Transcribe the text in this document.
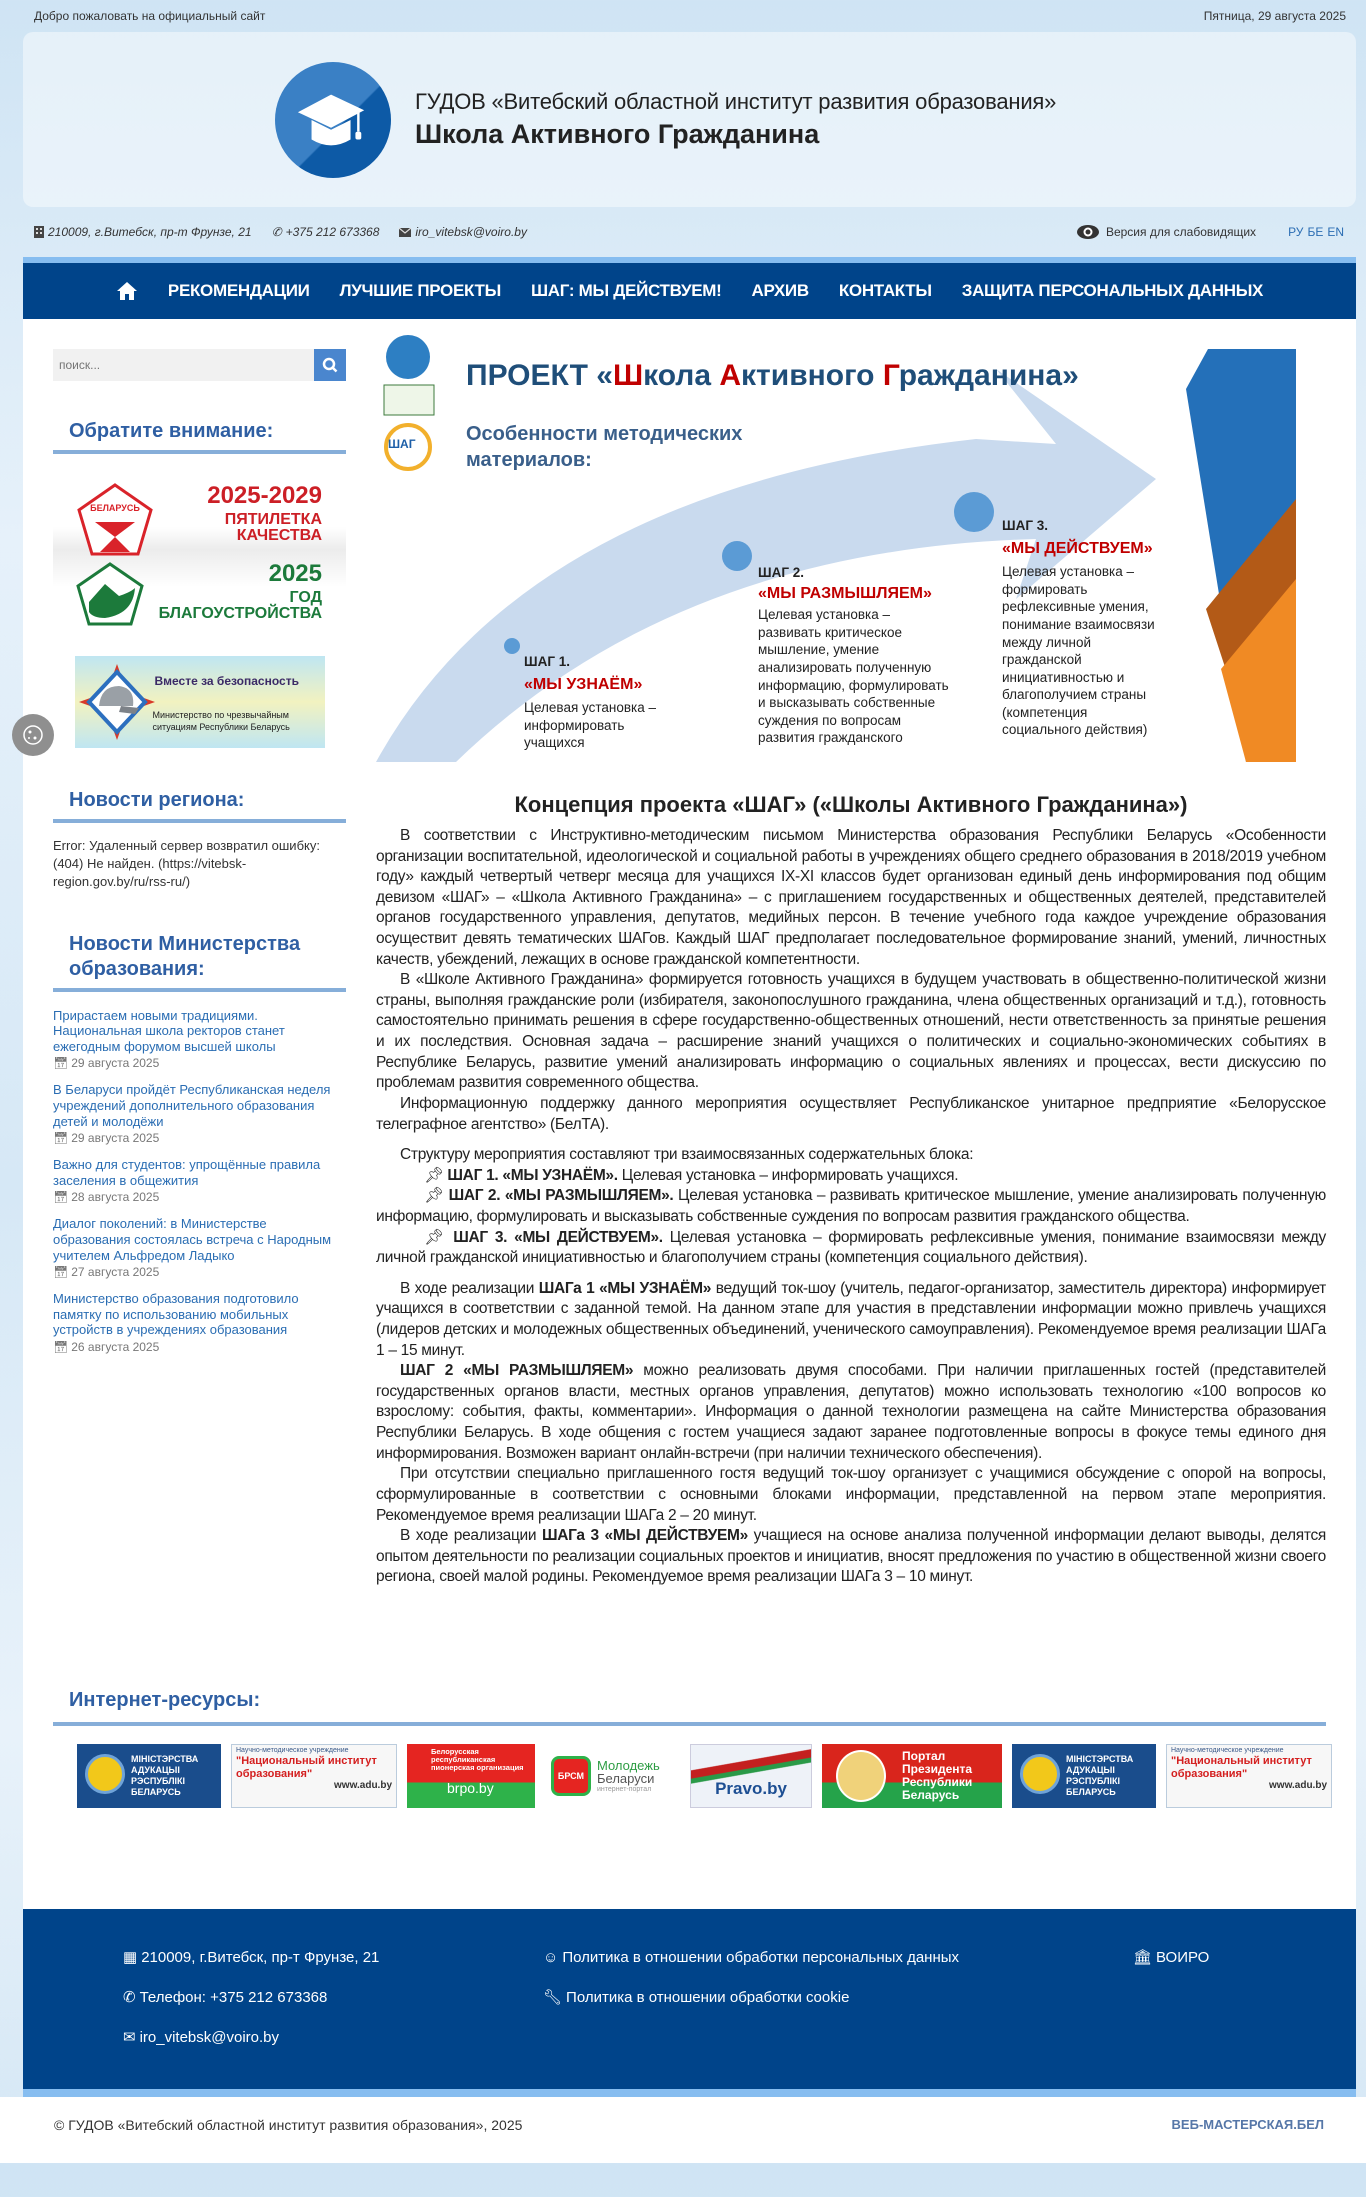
Добро пожаловать на официальный сайт	Пятница, 29 августа 2025
ГУДОВ «Витебский областной институт развития образования»
Школа Активного Гражданина
210009, г.Витебск, пр-т Фрунзе, 21 ✆ +375 212 673368	iro_vitebsk@voiro.by	Версия для слабовидящих	РУ БЕ EN
РЕКОМЕНДАЦИИ ЛУЧШИЕ ПРОЕКТЫ ШАГ: МЫ ДЕЙСТВУЕМ! АРХИВ КОНТАКТЫ ЗАЩИТА ПЕРСОНАЛЬНЫХ ДАННЫХ
поиск...
Обратите внимание:
БЕЛАРУСЬ	2025-2029
ПЯТИЛЕТКА
КАЧЕСТВА
2025
ГОД
БЛАГОУСТРОЙСТВА
Вместе за безопасность
Министерство по чрезвычайным
ситуациям Республики Беларусь
Новости региона:
Error: Удаленный сервер возвратил ошибку: (404) Не найден. (https://vitebsk-region.gov.by/ru/rss-ru/)
Новости Министерства образования:
Прирастаем новыми традициями. Национальная школа ректоров станет ежегодным форумом высшей школы
📅︎ 29 августа 2025
В Беларуси пройдёт Республиканская неделя учреждений дополнительного образования детей и молодёжи
📅︎ 29 августа 2025
Важно для студентов: упрощённые правила заселения в общежития
📅︎ 28 августа 2025
Диалог поколений: в Министерстве образования состоялась встреча с Народным учителем Альфредом Ладыко
📅︎ 27 августа 2025
Министерство образования подготовило памятку по использованию мобильных устройств в учреждениях образования
📅︎ 26 августа 2025
ШАГ
ПРОЕКТ «Школа Активного Гражданина»
Особенности методических
материалов:
ШАГ 1.
«МЫ УЗНАЁМ»
Целевая установка –
информировать
учащихся
ШАГ 2.
«МЫ РАЗМЫШЛЯЕМ»
Целевая установка –
развивать критическое
мышление, умение
анализировать полученную
информацию, формулировать
и высказывать собственные
суждения по вопросам
развития гражданского
ШАГ 3.
«МЫ ДЕЙСТВУЕМ»
Целевая установка –
формировать
рефлексивные умения,
понимание взаимосвязи
между личной
гражданской
инициативностью и
благополучием страны
(компетенция
социального действия)
Концепция проекта «ШАГ» («Школы Активного Гражданина»)

В соответствии с Инструктивно-методическим письмом Министерства образования Республики Беларусь «Особенности организации воспитательной, идеологической и социальной работы в учреждениях общего среднего образования в 2018/2019 учебном году» каждый четвертый четверг месяца для учащихся IX-XI классов будет организован единый день информирования под общим девизом «ШАГ» – «Школа Активного Гражданина» – с приглашением государственных и общественных деятелей, представителей органов государственного управления, депутатов, медийных персон. В течение учебного года каждое учреждение образования осуществит девять тематических ШАГов. Каждый ШАГ предполагает последовательное формирование знаний, умений, личностных качеств, убеждений, лежащих в основе гражданской компетентности.

В «Школе Активного Гражданина» формируется готовность учащихся в будущем участвовать в общественно-политической жизни страны, выполняя гражданские роли (избирателя, законопослушного гражданина, члена общественных организаций и т.д.), готовность самостоятельно принимать решения в сфере государственно-общественных отношений, нести ответственность за принятые решения и их последствия. Основная задача – расширение знаний учащихся о политических и социально-экономических событиях в Республике Беларусь, развитие умений анализировать информацию о социальных явлениях и процессах, вести дискуссию по проблемам развития современного общества.

Информационную поддержку данного мероприятия осуществляет Республиканское унитарное предприятие «Белорусское телеграфное агентство» (БелТА).

Структуру мероприятия составляют три взаимосвязанных содержательных блока:

📌︎ ШАГ 1. «МЫ УЗНАЁМ». Целевая установка – информировать учащихся.

📌︎ ШАГ 2. «МЫ РАЗМЫШЛЯЕМ». Целевая установка – развивать критическое мышление, умение анализировать полученную информацию, формулировать и высказывать собственные суждения по вопросам развития гражданского общества.

📌︎ ШАГ 3. «МЫ ДЕЙСТВУЕМ». Целевая установка – формировать рефлексивные умения, понимание взаимосвязи между личной гражданской инициативностью и благополучием страны (компетенция социального действия).

В ходе реализации ШАГа 1 «МЫ УЗНАЁМ» ведущий ток-шоу (учитель, педагог-организатор, заместитель директора) информирует учащихся в соответствии с заданной темой. На данном этапе для участия в представлении информации можно привлечь учащихся (лидеров детских и молодежных общественных объединений, ученического самоуправления). Рекомендуемое время реализации ШАГа 1 – 15 минут.

ШАГ 2 «МЫ РАЗМЫШЛЯЕМ» можно реализовать двумя способами. При наличии приглашенных гостей (представителей государственных органов власти, местных органов управления, депутатов) можно использовать технологию «100 вопросов ко взрослому: события, факты, комментарии». Информация о данной технологии размещена на сайте Министерства образования Республики Беларусь. В ходе общения с гостем учащиеся задают заранее подготовленные вопросы в фокусе темы единого дня информирования. Возможен вариант онлайн-встречи (при наличии технического обеспечения).

При отсутствии специально приглашенного гостя ведущий ток-шоу организует с учащимися обсуждение с опорой на вопросы, сформулированные в соответствии с основными блоками информации, представленной на первом этапе мероприятия. Рекомендуемое время реализации ШАГа 2 – 20 минут.

В ходе реализации ШАГа 3 «МЫ ДЕЙСТВУЕМ» учащиеся на основе анализа полученной информации делают выводы, делятся опытом деятельности по реализации социальных проектов и инициатив, вносят предложения по участию в общественной жизни своего региона, своей малой родины. Рекомендуемое время реализации ШАГа 3 – 10 минут.

Интернет-ресурсы:
МІНІСТЭРСТВА
АДУКАЦЫІ
РЭСПУБЛІКІ
БЕЛАРУСЬ
Научно-методическое учреждение
"Национальный институт
образования"
www.adu.by
Белорусская
республиканская
пионерская организация
brpo.by
БРСМ
Молодежь
Беларуси
интернет-портал	Pravo.by
Портал
Президента
Республики
Беларусь
МІНІСТЭРСТВА
АДУКАЦЫІ
РЭСПУБЛІКІ
БЕЛАРУСЬ
Научно-методическое учреждение
"Национальный институт
образования"
www.adu.by
▦ 210009, г.Витебск, пр-т Фрунзе, 21
✆ Телефон: +375 212 673368
✉︎ iro_vitebsk@voiro.by
☺︎ Политика в отношении обработки персональных данных
🔧︎ Политика в отношении обработки cookie
🏛︎ ВОИРО
© ГУДОВ «Витебский областной институт развития образования», 2025	ВЕБ-МАСТЕРСКАЯ.БЕЛ
